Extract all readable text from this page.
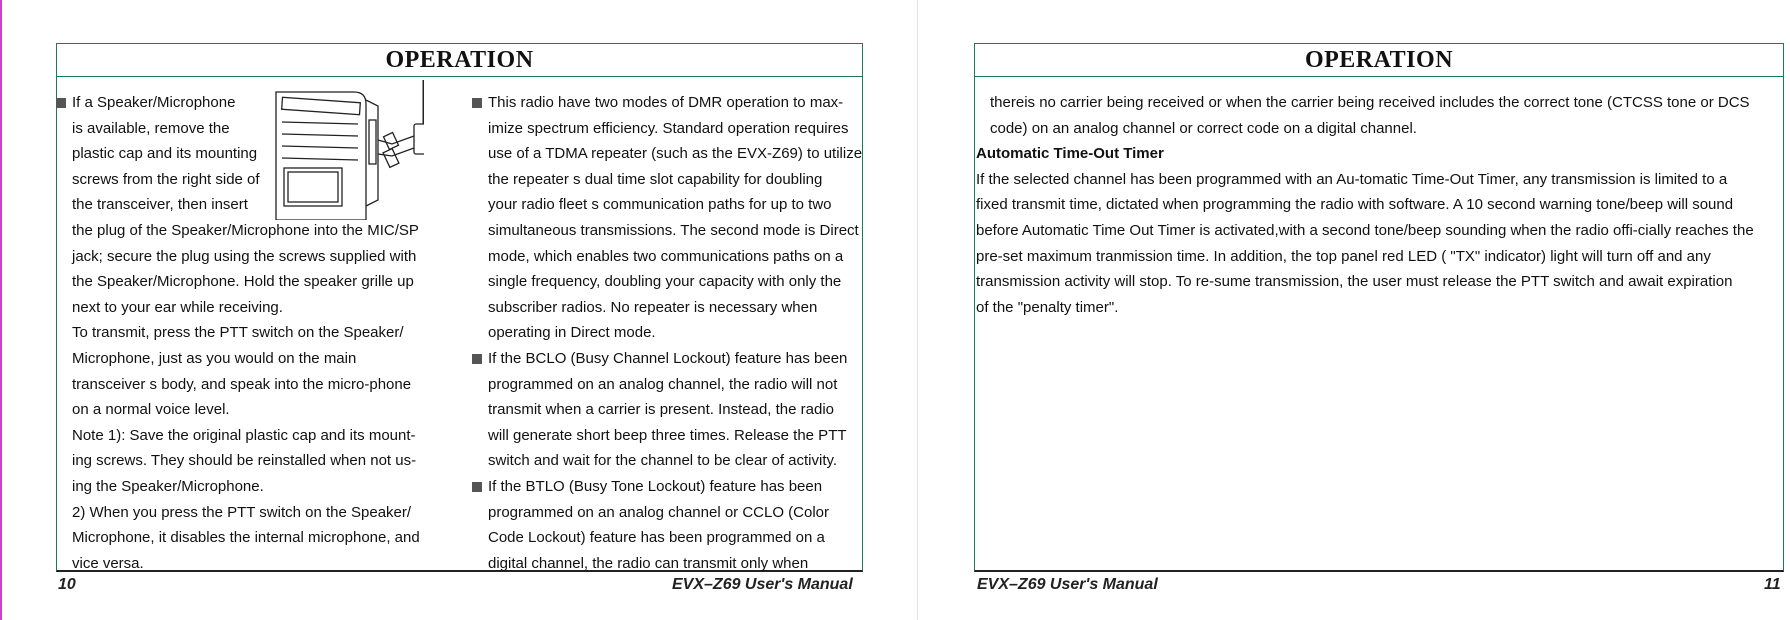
OPERATION
If a Speaker/Microphone
is available, remove the
plastic cap and its mounting
screws from the right side of
the transceiver, then insert
the plug of the Speaker/Microphone into the MIC/SP
jack; secure the plug using the screws supplied with
the Speaker/Microphone. Hold the speaker grille up
next to your ear while receiving.
To transmit, press the PTT switch on the Speaker/
Microphone, just as you would on the main
transceiver s body, and speak into the micro-phone
on a normal voice level.
Note 1): Save the original plastic cap and its mount-
ing screws. They should be reinstalled when not us-
ing the Speaker/Microphone.
2) When you press the PTT switch on the Speaker/
Microphone, it disables the internal microphone, and
vice versa.
This radio have two modes of DMR operation to max-
imize spectrum efficiency. Standard operation requires
use of a TDMA repeater (such as the EVX-Z69) to utilize
the repeater s dual time slot capability for doubling
your radio fleet s communication paths for up to two
simultaneous transmissions. The second mode is Direct
mode, which enables two communications paths on a
single frequency, doubling your capacity with only the
subscriber radios. No repeater is necessary when
operating in Direct mode.
If the BCLO (Busy Channel Lockout) feature has been
programmed on an analog channel, the radio will not
transmit when a carrier is present. Instead, the radio
will generate short beep three times. Release the PTT
switch and wait for the channel to be clear of activity.
If the BTLO (Busy Tone Lockout) feature has been
programmed on an analog channel or CCLO (Color
Code Lockout) feature has been programmed on a
digital channel, the radio can transmit only when
10	EVX–Z69 User's Manual
OPERATION
thereis no carrier being received or when the carrier being received includes the correct tone (CTCSS tone or DCS
code) on an analog channel or correct code on a digital channel.
Automatic Time-Out Timer
If the selected channel has been programmed with an Au-tomatic Time-Out Timer, any transmission is limited to a
fixed transmit time, dictated when programming the radio with software. A 10 second warning tone/beep will sound
before Automatic Time Out Timer is activated,with a second tone/beep sounding when the radio offi-cially reaches the
pre-set maximum tranmission time. In addition, the top panel red LED ( "TX" indicator) light will turn off and any
transmission activity will stop. To re-sume transmission, the user must release the PTT switch and await expiration
of the "penalty timer".
EVX–Z69 User's Manual	11
